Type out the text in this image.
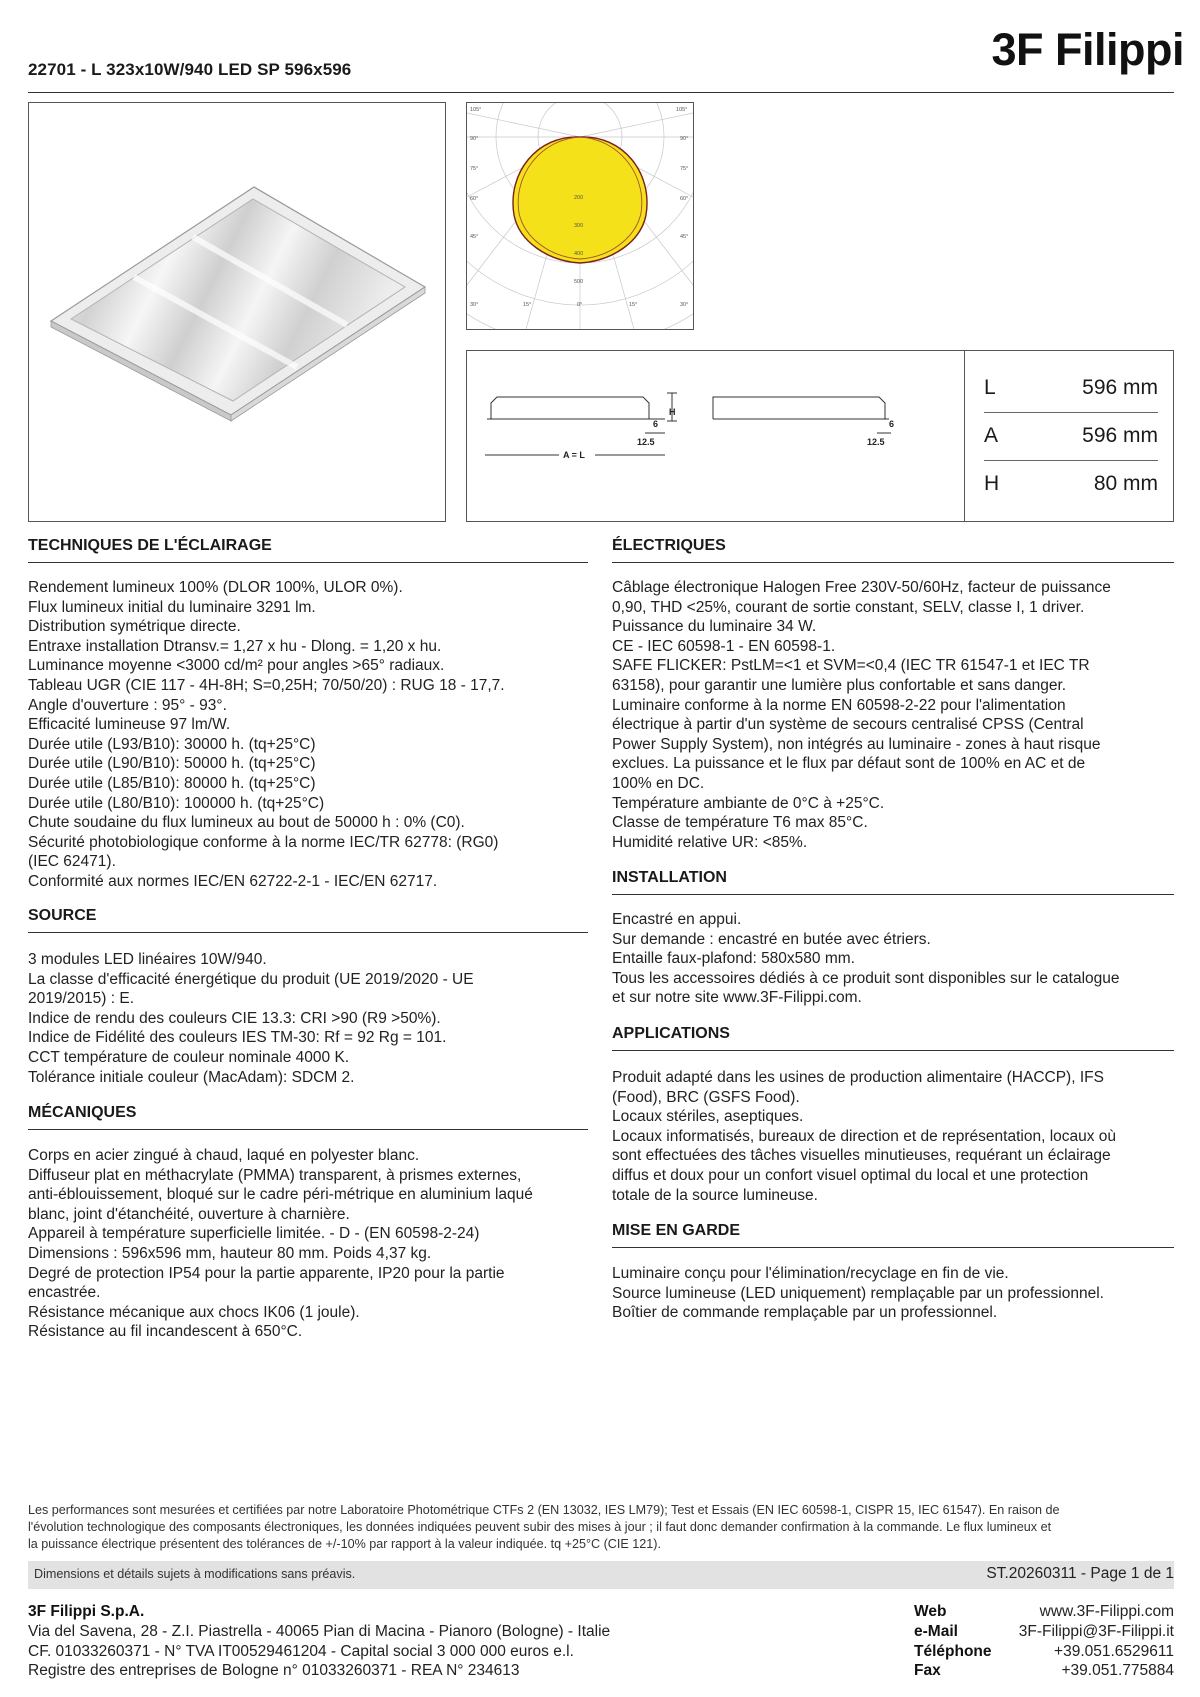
22701 - L 323x10W/940 LED SP 596x596	3F Filippi
105°	105°
90°
75°
60°
45°
90°
75°
60°
45°
200
300
400
500
30°	15°	0°	15°	30°
6
H
12.5
A = L
6
12.5
L	596 mm
A	596 mm
H	80 mm
TECHNIQUES DE L'ÉCLAIRAGE
Rendement lumineux 100% (DLOR 100%, ULOR 0%).
Flux lumineux initial du luminaire 3291 lm.
Distribution symétrique directe.
Entraxe installation Dtransv.= 1,27 x hu - Dlong. = 1,20 x hu.
Luminance moyenne <3000 cd/m² pour angles >65° radiaux.
Tableau UGR (CIE 117 - 4H-8H; S=0,25H; 70/50/20) : RUG 18 - 17,7.
Angle d'ouverture : 95° - 93°.
Efficacité lumineuse 97 lm/W.
Durée utile (L93/B10): 30000 h. (tq+25°C)
Durée utile (L90/B10): 50000 h. (tq+25°C)
Durée utile (L85/B10): 80000 h. (tq+25°C)
Durée utile (L80/B10): 100000 h. (tq+25°C)
Chute soudaine du flux lumineux au bout de 50000 h : 0% (C0).
Sécurité photobiologique conforme à la norme IEC/TR 62778: (RG0)
(IEC 62471).
Conformité aux normes IEC/EN 62722-2-1 - IEC/EN 62717.
SOURCE
3 modules LED linéaires 10W/940.
La classe d'efficacité énergétique du produit (UE 2019/2020 - UE
2019/2015) : E.
Indice de rendu des couleurs CIE 13.3: CRI >90 (R9 >50%).
Indice de Fidélité des couleurs IES TM-30: Rf = 92 Rg = 101.
CCT température de couleur nominale 4000 K.
Tolérance initiale couleur (MacAdam): SDCM 2.
MÉCANIQUES
Corps en acier zingué à chaud, laqué en polyester blanc.
Diffuseur plat en méthacrylate (PMMA) transparent, à prismes externes,
anti-éblouissement, bloqué sur le cadre péri-métrique en aluminium laqué
blanc, joint d'étanchéité, ouverture à charnière.
Appareil à température superficielle limitée. - D - (EN 60598-2-24)
Dimensions : 596x596 mm, hauteur 80 mm. Poids 4,37 kg.
Degré de protection IP54 pour la partie apparente, IP20 pour la partie
encastrée.
Résistance mécanique aux chocs IK06 (1 joule).
Résistance au fil incandescent à 650°C.
ÉLECTRIQUES
Câblage électronique Halogen Free 230V-50/60Hz, facteur de puissance
0,90, THD <25%, courant de sortie constant, SELV, classe I, 1 driver.
Puissance du luminaire 34 W.
CE - IEC 60598-1 - EN 60598-1.
SAFE FLICKER: PstLM=<1 et SVM=<0,4 (IEC TR 61547-1 et IEC TR
63158), pour garantir une lumière plus confortable et sans danger.
Luminaire conforme à la norme EN 60598-2-22 pour l'alimentation
électrique à partir d'un système de secours centralisé CPSS (Central
Power Supply System), non intégrés au luminaire - zones à haut risque
exclues. La puissance et le flux par défaut sont de 100% en AC et de
100% en DC.
Température ambiante de 0°C à +25°C.
Classe de température T6 max 85°C.
Humidité relative UR: <85%.
INSTALLATION
Encastré en appui.
Sur demande : encastré en butée avec étriers.
Entaille faux-plafond: 580x580 mm.
Tous les accessoires dédiés à ce produit sont disponibles sur le catalogue
et sur notre site www.3F-Filippi.com.
APPLICATIONS
Produit adapté dans les usines de production alimentaire (HACCP), IFS
(Food), BRC (GSFS Food).
Locaux stériles, aseptiques.
Locaux informatisés, bureaux de direction et de représentation, locaux où
sont effectuées des tâches visuelles minutieuses, requérant un éclairage
diffus et doux pour un confort visuel optimal du local et une protection
totale de la source lumineuse.
MISE EN GARDE
Luminaire conçu pour l'élimination/recyclage en fin de vie.
Source lumineuse (LED uniquement) remplaçable par un professionnel.
Boîtier de commande remplaçable par un professionnel.
Les performances sont mesurées et certifiées par notre Laboratoire Photométrique CTFs 2 (EN 13032, IES LM79); Test et Essais (EN IEC 60598-1, CISPR 15, IEC 61547). En raison de
l'évolution technologique des composants électroniques, les données indiquées peuvent subir des mises à jour ; il faut donc demander confirmation à la commande. Le flux lumineux et
la puissance électrique présentent des tolérances de +/-10% par rapport à la valeur indiquée. tq +25°C (CIE 121).
Dimensions et détails sujets à modifications sans préavis.	ST.20260311 - Page 1 de 1
3F Filippi S.p.A.
Via del Savena, 28 - Z.I. Piastrella - 40065 Pian di Macina - Pianoro (Bologne) - Italie
CF. 01033260371 - N° TVA IT00529461204 - Capital social 3 000 000 euros e.l.
Registre des entreprises de Bologne n° 01033260371 - REA N° 234613
Web	www.3F-Filippi.com
e-Mail	3F-Filippi@3F-Filippi.it
Téléphone	+39.051.6529611
Fax	+39.051.775884
